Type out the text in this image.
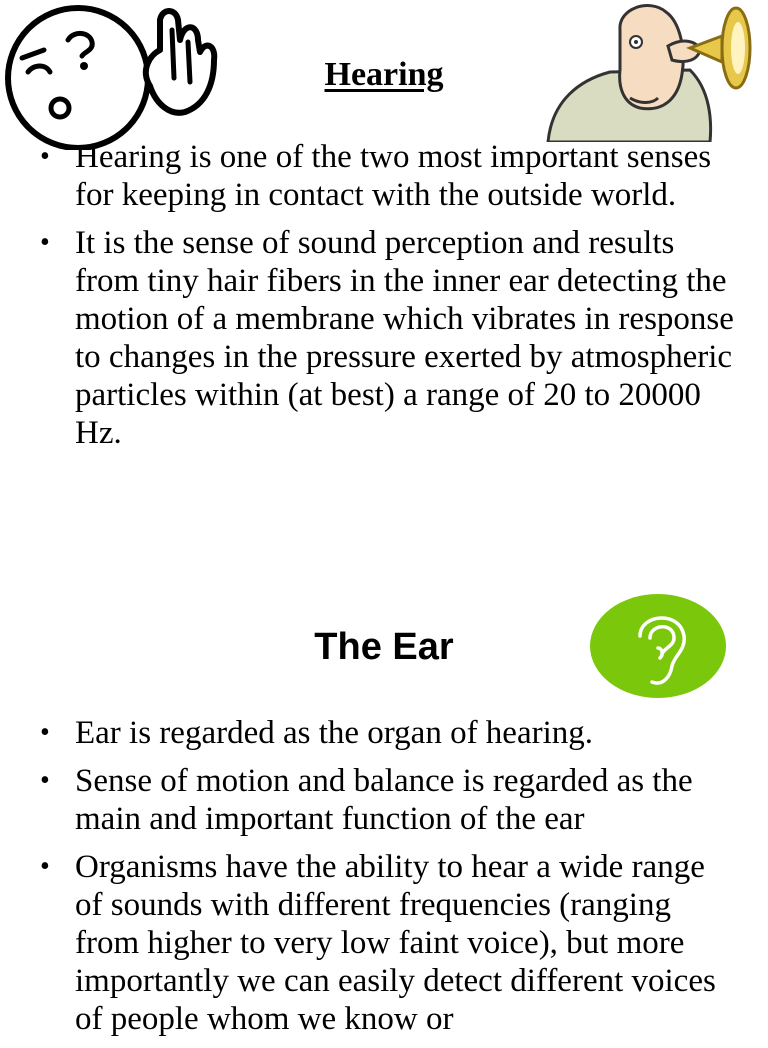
Hearing
• Hearing is one of the two most important senses for keeping in contact with the outside world.
• It is the sense of sound perception and results from tiny hair fibers in the inner ear detecting the motion of a membrane which vibrates in response to changes in the pressure exerted by atmospheric particles within (at best) a range of 20 to 20000 Hz.
The Ear
• Ear is regarded as the organ of hearing.
• Sense of motion and balance is regarded as the main and important function of the ear
• Organisms have the ability to hear a wide range of sounds with different frequencies (ranging from higher to very low faint voice), but more importantly we can easily detect different voices of people whom we know or
